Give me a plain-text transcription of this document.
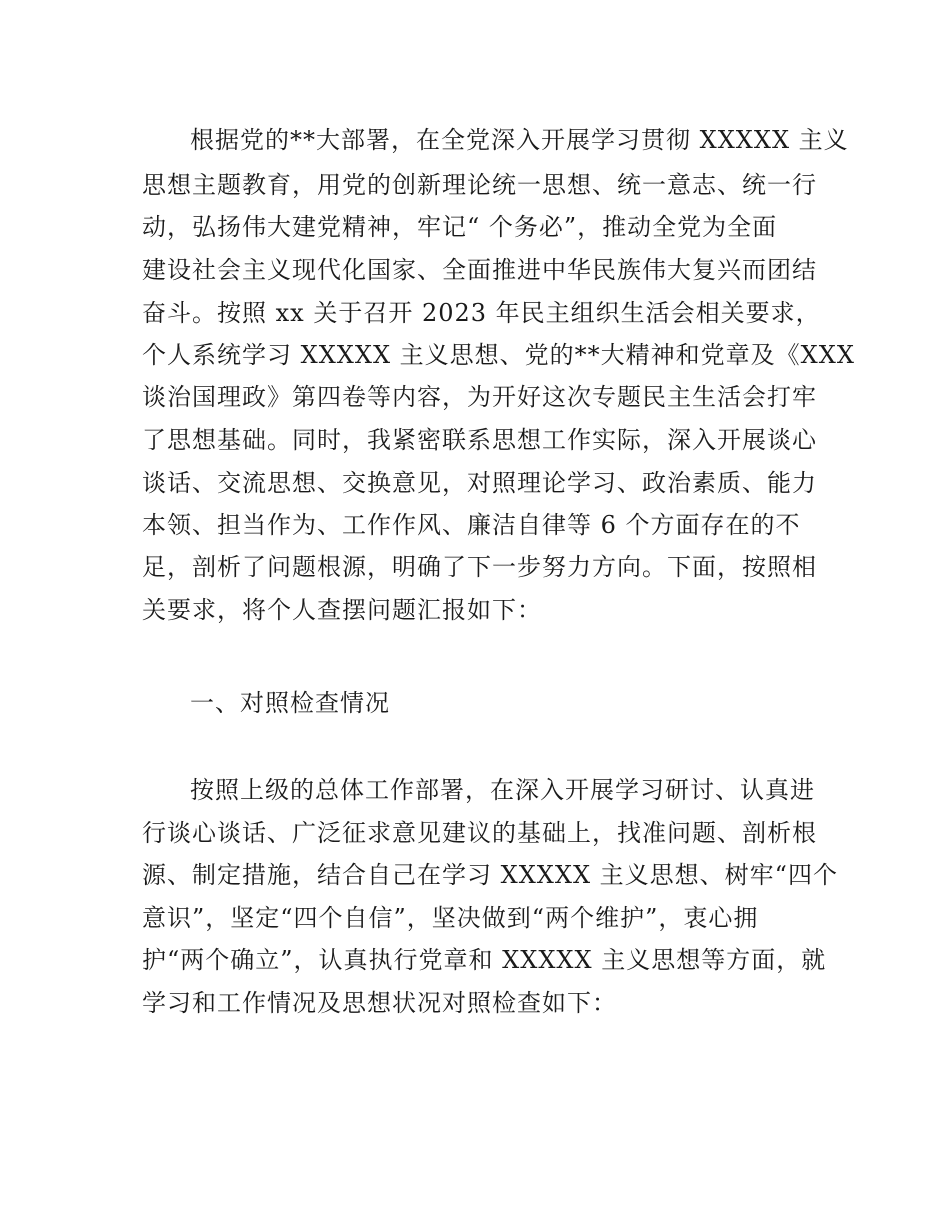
根据党的**大部署，在全党深入开展学习贯彻 XXXXX 主义

思想主题教育，用党的创新理论统一思想、统一意志、统一行

动，弘扬伟大建党精神，牢记“ 个务必”，推动全党为全面

建设社会主义现代化国家、全面推进中华民族伟大复兴而团结

奋斗。按照 xx 关于召开 2023 年民主组织生活会相关要求，

个人系统学习 XXXXX 主义思想、党的**大精神和党章及《XXX

谈治国理政》第四卷等内容，为开好这次专题民主生活会打牢

了思想基础。同时，我紧密联系思想工作实际，深入开展谈心

谈话、交流思想、交换意见，对照理论学习、政治素质、能力

本领、担当作为、工作作风、廉洁自律等 6 个方面存在的不

足，剖析了问题根源，明确了下一步努力方向。下面，按照相

关要求，将个人查摆问题汇报如下：

一、对照检查情况

按照上级的总体工作部署，在深入开展学习研讨、认真进

行谈心谈话、广泛征求意见建议的基础上，找准问题、剖析根

源、制定措施，结合自己在学习 XXXXX 主义思想、树牢“四个

意识”，坚定“四个自信”，坚决做到“两个维护”，衷心拥

护“两个确立”，认真执行党章和 XXXXX 主义思想等方面，就

学习和工作情况及思想状况对照检查如下：
